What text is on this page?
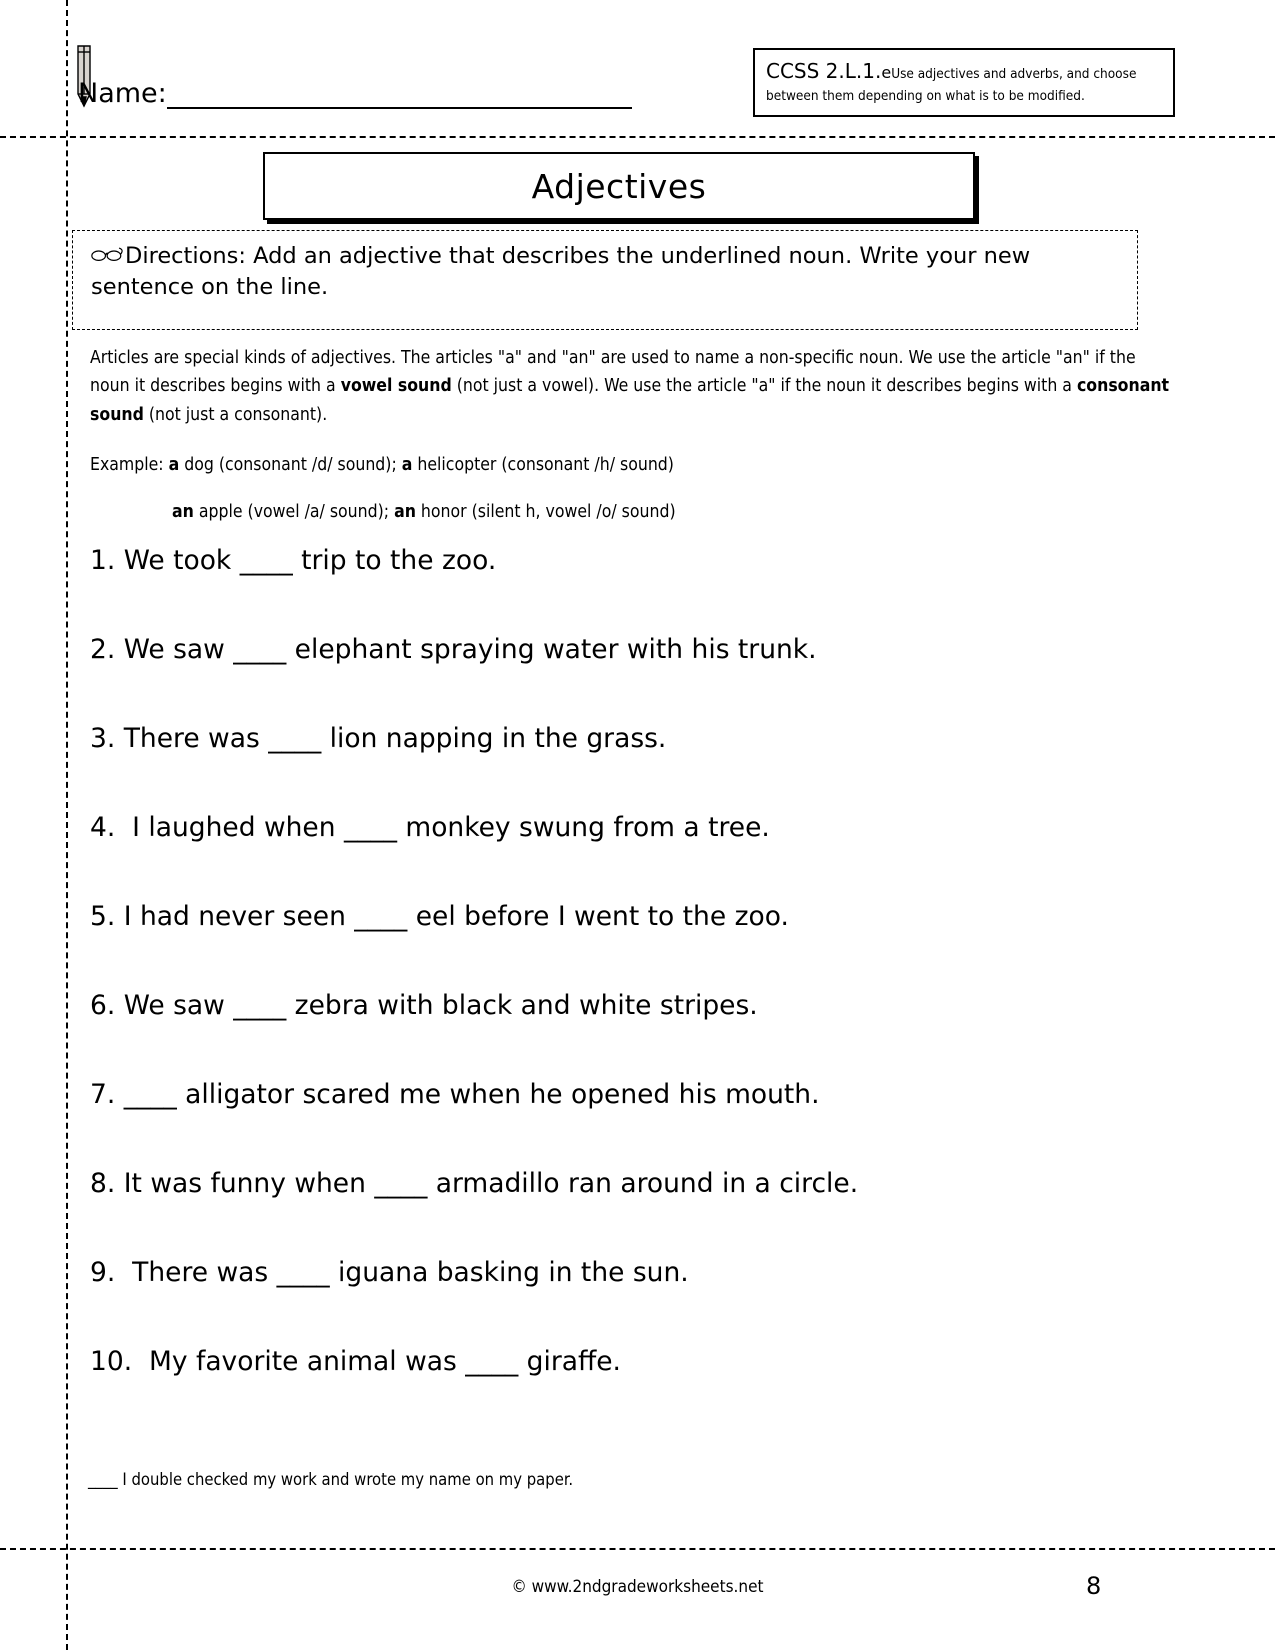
Name:
CCSS 2.L.1.eUse adjectives and adverbs, and choose between them depending on what is to be modified.
Adjectives
Directions: Add an adjective that describes the underlined noun. Write your new sentence on the line.
Articles are special kinds of adjectives. The articles "a" and "an" are used to name a non-specific noun. We use the article "an" if the noun it describes begins with a vowel sound (not just a vowel). We use the article "a" if the noun it describes begins with a consonant sound (not just a consonant).
Example: a dog (consonant /d/ sound); a helicopter (consonant /h/ sound)
an apple (vowel /a/ sound); an honor (silent h, vowel /o/ sound)
1. We took ____ trip to the zoo.
2. We saw ____ elephant spraying water with his trunk.
3. There was ____ lion napping in the grass.
4.  I laughed when ____ monkey swung from a tree.
5. I had never seen ____ eel before I went to the zoo.
6. We saw ____ zebra with black and white stripes.
7. ____ alligator scared me when he opened his mouth.
8. It was funny when ____ armadillo ran around in a circle.
9.  There was ____ iguana basking in the sun.
10.  My favorite animal was ____ giraffe.
____ I double checked my work and wrote my name on my paper.
© www.2ndgradeworksheets.net	8
